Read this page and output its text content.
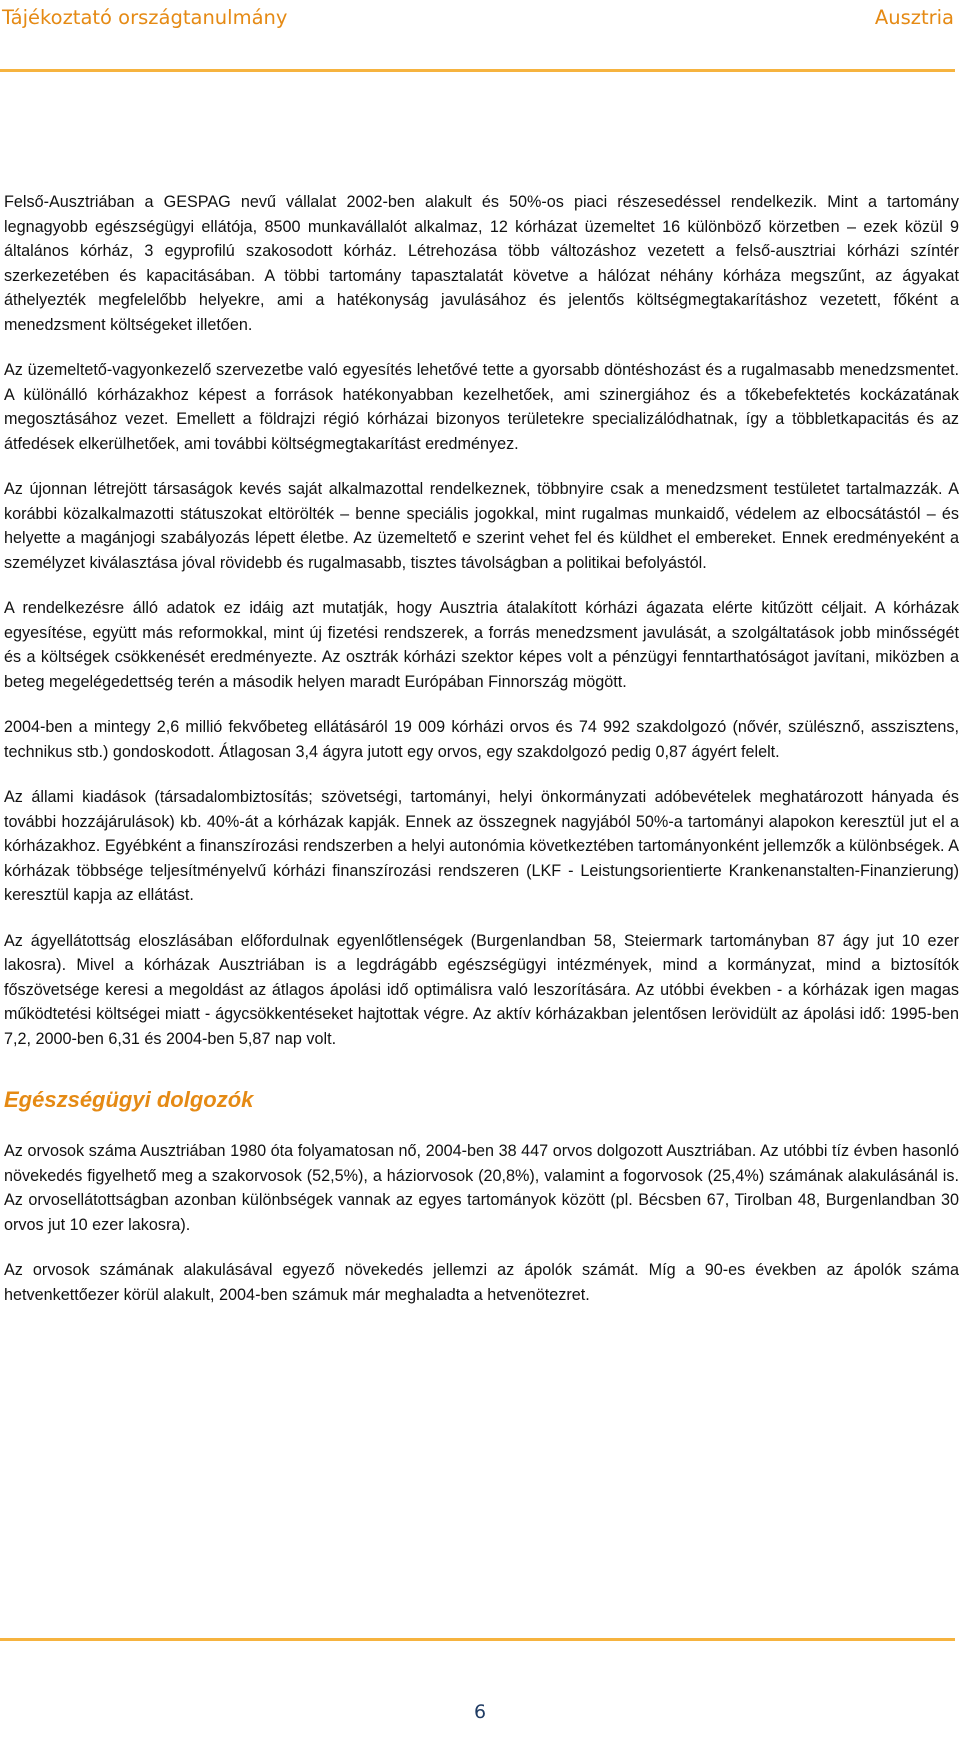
Tájékoztató országtanulmány	Ausztria

Felső-Ausztriában a GESPAG nevű vállalat 2002-ben alakult és 50%-os piaci részesedéssel rendelkezik. Mint a tartomány legnagyobb egészségügyi ellátója, 8500 munkavállalót alkalmaz, 12 kórházat üzemeltet 16 különböző körzetben – ezek közül 9 általános kórház, 3 egyprofilú szakosodott kórház. Létrehozása több változáshoz vezetett a felső-ausztriai kórházi színtér szerkezetében és kapacitásában. A többi tartomány tapasztalatát követve a hálózat néhány kórháza megszűnt, az ágyakat áthelyezték megfelelőbb helyekre, ami a hatékonyság javulásához és jelentős költségmegtakarításhoz vezetett, főként a menedzsment költségeket illetően.

Az üzemeltető-vagyonkezelő szervezetbe való egyesítés lehetővé tette a gyorsabb döntéshozást és a rugalmasabb menedzsmentet. A különálló kórházakhoz képest a források hatékonyabban kezelhetőek, ami szinergiához és a tőkebefektetés kockázatának megosztásához vezet. Emellett a földrajzi régió kórházai bizonyos területekre specializálódhatnak, így a többletkapacitás és az átfedések elkerülhetőek, ami további költségmegtakarítást eredményez.

Az újonnan létrejött társaságok kevés saját alkalmazottal rendelkeznek, többnyire csak a menedzsment testületet tartalmazzák. A korábbi közalkalmazotti státuszokat eltörölték – benne speciális jogokkal, mint rugalmas munkaidő, védelem az elbocsátástól – és helyette a magánjogi szabályozás lépett életbe. Az üzemeltető e szerint vehet fel és küldhet el embereket. Ennek eredményeként a személyzet kiválasztása jóval rövidebb és rugalmasabb, tisztes távolságban a politikai befolyástól.

A rendelkezésre álló adatok ez idáig azt mutatják, hogy Ausztria átalakított kórházi ágazata elérte kitűzött céljait. A kórházak egyesítése, együtt más reformokkal, mint új fizetési rendszerek, a forrás menedzsment javulását, a szolgáltatások jobb minősségét és a költségek csökkenését eredményezte. Az osztrák kórházi szektor képes volt a pénzügyi fenntarthatóságot javítani, miközben a beteg megelégedettség terén a második helyen maradt Európában Finnország mögött.

2004-ben a mintegy 2,6 millió fekvőbeteg ellátásáról 19 009 kórházi orvos és 74 992 szakdolgozó (nővér, szülésznő, asszisztens, technikus stb.) gondoskodott. Átlagosan 3,4 ágyra jutott egy orvos, egy szakdolgozó pedig 0,87 ágyért felelt.

Az állami kiadások (társadalombiztosítás; szövetségi, tartományi, helyi önkormányzati adóbevételek meghatározott hányada és további hozzájárulások) kb. 40%-át a kórházak kapják. Ennek az összegnek nagyjából 50%-a tartományi alapokon keresztül jut el a kórházakhoz. Egyébként a finanszírozási rendszerben a helyi autonómia következtében tartományonként jellemzők a különbségek. A kórházak többsége teljesítményelvű kórházi finanszírozási rendszeren (LKF - Leistungsorientierte Krankenanstalten-Finanzierung) keresztül kapja az ellátást.

Az ágyellátottság eloszlásában előfordulnak egyenlőtlenségek (Burgenlandban 58, Steiermark tartományban 87 ágy jut 10 ezer lakosra). Mivel a kórházak Ausztriában is a legdrágább egészségügyi intézmények, mind a kormányzat, mind a biztosítók főszövetsége keresi a megoldást az átlagos ápolási idő optimálisra való leszorítására. Az utóbbi években - a kórházak igen magas működtetési költségei miatt - ágycsökkentéseket hajtottak végre. Az aktív kórházakban jelentősen lerövidült az ápolási idő: 1995-ben 7,2, 2000-ben 6,31 és 2004-ben 5,87 nap volt.

Egészségügyi dolgozók

Az orvosok száma Ausztriában 1980 óta folyamatosan nő, 2004-ben 38 447 orvos dolgozott Ausztriában. Az utóbbi tíz évben hasonló növekedés figyelhető meg a szakorvosok (52,5%), a háziorvosok (20,8%), valamint a fogorvosok (25,4%) számának alakulásánál is. Az orvosellátottságban azonban különbségek vannak az egyes tartományok között (pl. Bécsben 67, Tirolban 48, Burgenlandban 30 orvos jut 10 ezer lakosra).

Az orvosok számának alakulásával egyező növekedés jellemzi az ápolók számát. Míg a 90-es években az ápolók száma hetvenkettőezer körül alakult, 2004-ben számuk már meghaladta a hetvenötezret.

6
